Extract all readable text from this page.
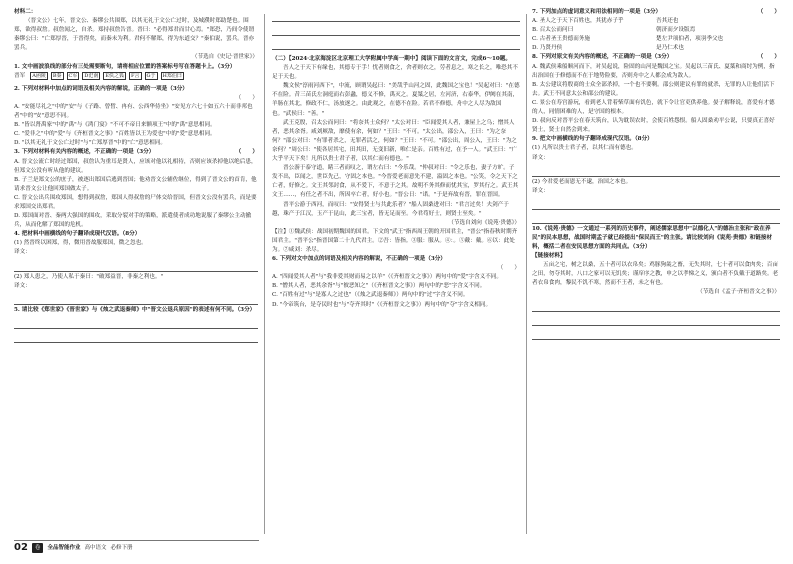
材料二：

（晋文公）七年，晋文公、秦缪公共围郑，以其无礼于文公亡过时，及城濮时郑助楚也。围郑，欲得叔詹。叔詹闻之，自杀。郑持叔詹告晋。晋曰："必得郑君而甘心焉。"郑恐，乃间令使谓秦缪公曰："亡郑厚晋，于晋得矣，而秦未为利。君何不解郑，得为东道交？"秦伯说，罢兵。晋亦罢兵。

（节选自《史记·晋世家》）

1. 文中画波浪线的部分有三处需要断句，请将相应位置的答案标号写在答题卡上。（3分）

晋军	A函陵	B秦	C军	D汜南	E佚之狐	F言	G于	H郑伯曰
2. 下列对材料中加点的词语及相关内容的解说，正确的一项是（3分）

（　　）

A. "安能尽礼之"中的"安"与《子路、曾皙、冉有、公西华侍坐》"安见方六七十如五六十而非邦也者"中的"安"意思不同。

B. "皆以肾禹家"中的"禹"与《鸿门宴》"不可不帝日来额项王"中的"禹"意思相同。

C. "爱非之"中的"爱"与《齐桓晋文之事》"百姓皆以王为爱也"中的"爱"意思相同。

D. "以其无礼于文公亡过时"与"亡郑厚晋"中的"亡"意思相同。

3. 下列对材料有关内容的概述，不正确的一项是（3分）	（　　）

A. 晋文公流亡时经过郑国，叔詹认为重耳是贤人，应该对他以礼相待，否则应该杀掉他以绝后患，但郑文公没有听从他的建议。

B. 子兰是郑文公的庶子，被逐出郑国后逃到晋国；他劝晋文公辅佐继位，得到了晋文公的首肯，他请求晋文公让他回郑国做太子。

C. 晋文公出兵围攻郑国，想得到叔詹，郑国人得叔詹的尸体交给晋国，但晋文公没有罢兵，而是要求郑国交出郑君。

D. 郑国面对晋、秦两大强国的围攻，采取分裂对手的策略，派遣使者成功地说服了秦缪公主动撤兵，从而化解了郑国的危机。

4. 把材料中画横线的句子翻译成现代汉语。（8分）

(1) 然晋终以困郑，得，微用晋故服郑国，微之忽也。

译文：

(2) 郑人患之，乃使人私于秦曰："破郑益晋，非秦之利也。"

译文：

5. 请比较《郑世家》《晋世家》与《烛之武退秦师》中"晋文公退兵原因"的表述有何不同。（3分）

02	卷	全品智能作业 高中语文 必修下册

（二）【2024·北京海淀区北京理工大学附属中学高一期中】阅读下面的文言文，完成6～10题。

吾人之于天下有缘也，其德专于手！忧者则食之，舍者则衣之，劳者息之，寒之长之，唯恐其不足于天也。

魏文侯"淳雨河西下"，中流，顾谓吴起曰："美哉乎山河之固，此魏国之宝也！"吴起对曰："在德不在险。昔三苗氏左洞庭而右彭蠡，德义不修，禹灭之。夏桀之居，左河济，右泰华，伊阙在其南，羊肠在其北，修政不仁，汤放逐之。由此观之，在德不在险。若君不修德，舟中之人尽为敌国也。"武侯曰："善。"

武王克殷，召太公而问曰："将奈其士众何？"太公对曰："臣闻爱其人者，兼屋上之乌；憎其人者，恶其余胥。咸刘厥敌，靡使有余，何如？"王曰："不可。"太公出，邵公入，王曰："为之奈何？"邵公对曰："有罪者杀之，无罪者活之，何如？"王曰："不可。"邵公出，周公入，王曰："为之奈何？"周公曰："使各居其宅，田其田，无变旧新，唯仁是亲。百姓有过，在予一人。"武王曰："广大乎平天下矣！凡所以贵士君子者，以其仁而有德也。"

晋公游于泰守道，睹三者而叹之，谓左右曰："今乐哉。"仲叔对曰："令之乐也，妻子方旷。子发不出，臣闻之，世臣先己，守固之本也。"今晋爱老而意先不建，溢固之本也。"公笑，令之天下之亡者，好修之。文王其邻封食，从不爱下，不意于之其。故明不务其修而忧其宝，罗其行之。武王其文王……，有任之者不出，所因卒亡者，好小也。"晋公日："诺。"于是弃故有晋，罪在晋国。

晋平公游于西河，而叹曰："安得贤士与共此乐者？"船人固桑进对曰："君言过矣！夫剑产于越，珠产于江汉，玉产于昆山，此三宝者，皆无足而至。今君苟好士，则贤士至矣。"

（节选自刘向《说苑·贵德》）

【注】①魏武侯：战国初期魏国的国君。下文的"武王"指西周王朝的开国君主，"晋公"指春秋时期齐国君主。"晋平公"指晋国第二十九代君主。②吾：皆指。③服：服从。④：。⑤戴：戴。⑥以：此处为。⑦咸刘：杀尽。

6. 下列对文中加点的词语及相关内容的解说，不正确的一项是（3分）

（　　）

A. "四闻爱其人者"与"我非爱其财而易之以羊"（《齐桓晋文之事》）两句中的"爱"字含义不同。

B. "憎其人者，恶其余胥"与"彼恶知之"（《齐桓晋文之事》）两句中的"恶"字含义不同。

C. "百姓有过"与"是寡人之过也"（《烛之武退秦师》）两句中的"过"字含义不同。

D. "今帝筑台，是夺民时也"与"夺齐其时"（《齐桓晋文之事》）两句中的"夺"字含义相同。

7. 下列加点的虚词意义和用法相同的一项是（3分）	（　　）
A. 圣人之于天下百姓也，其犹赤子乎	吾其还也
B. 召太公而问曰	朝济而夕设版焉
C. 古者圣王贵德而务施	楚左尹项伯者，项羽季父也
D. 乃贤丹侯	是乃仁术也
8. 下列对原文有关内容的概述，不正确的一项是（3分）	（　　）

A. 魏武侯乘船顺河而下，对吴起说，险固的山河是魏国之宝。吴起以三苗氏、夏桀和商纣为例，指出治国在于修德而不在于地势险要，否则舟中之人都会成为敌人。

B. 太公建议将殷商的士众全部杀掉，一个也不要剩。邵公则建议有罪的就杀，无罪的人让他们活下去。武王不同意太公和邵公的建议。

C. 景公在寿宫游玩，看到老人背着柴草面有饥色，就下令让官吏供养他。晏子解释说，喜爱有才德的人，同情困难的人，是守国的根本。

D. 叔向反对晋平公在春天筑台，认为耽误农时，会使百姓怨恨。船人固桑劝平公说，只要真正喜好贤士，贤士自然会到来。

9. 把文中画横线的句子翻译成现代汉语。（8分）

(1) 凡所以贵士君子者，以其仁而有德也。

译文：

(2) 今君爱老而恩无不逮，治国之本也。

译文：

10.《说苑·贵德》一文通过一系列的历史事件，阐述儒家思想中"以德化人"的德治主张和"政在养民"的民本思想，战国时期孟子就已经提出"保民而王"的主张。请比较刘向《说苑·贵德》和链接材料，概括二者在安民思想方面的共同点。（3分）

【链接材料】

五亩之宅，树之以桑，五十者可以衣帛矣；鸡豚狗彘之畜，无失其时，七十者可以食肉矣；百亩之田，勿夺其时，八口之家可以无饥矣；谨庠序之教，申之以孝悌之义，颁白者不负戴于道路矣。老者衣帛食肉，黎民不饥不寒，然而不王者，未之有也。

（节选自《孟子·齐桓晋文之事》）
